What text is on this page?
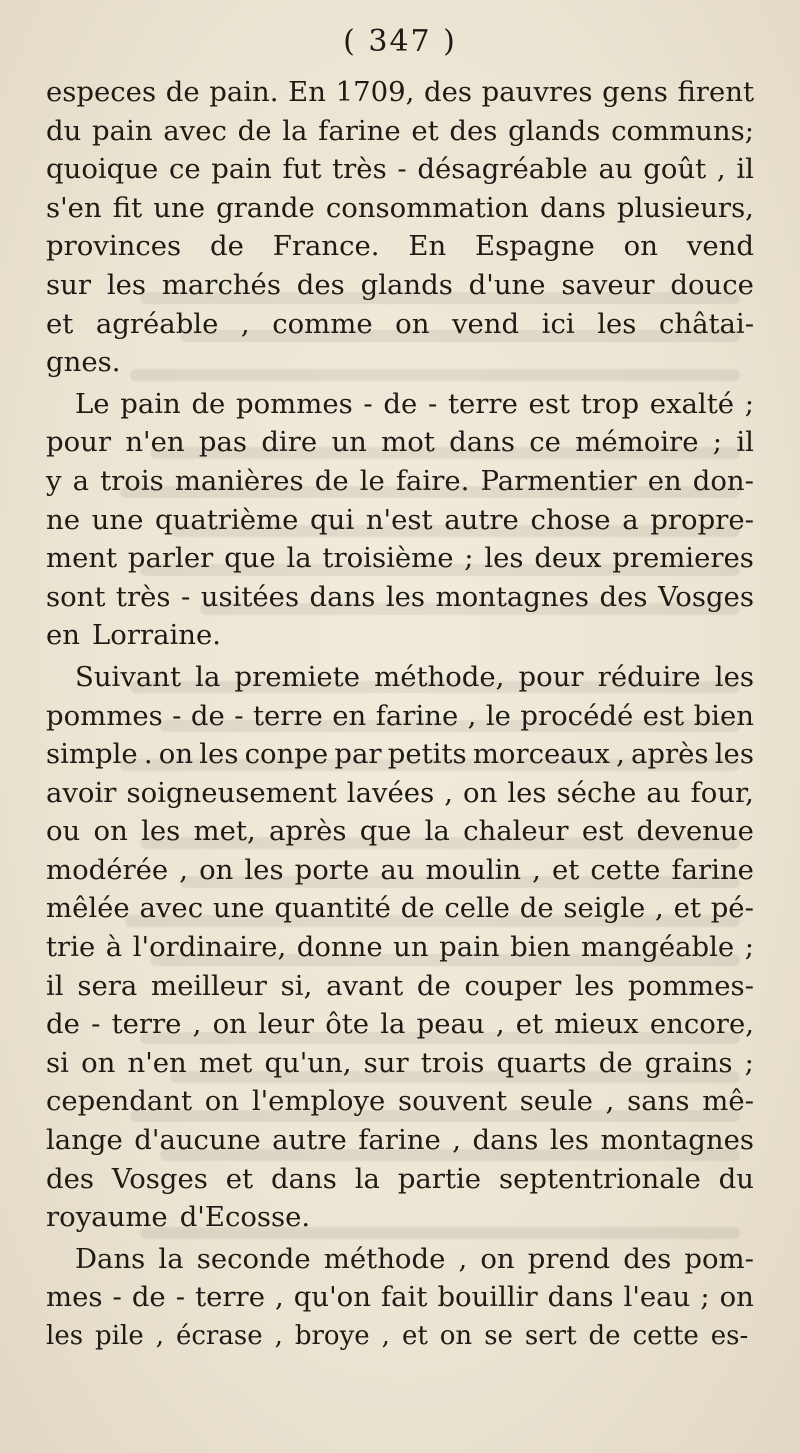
( 347 )
especes de pain. En 1709, des pauvres gens firent
du pain avec de la farine et des glands communs;
quoique ce pain fut très - désagréable au goût , il
s'en fit une grande consommation dans plusieurs,
provinces de France. En Espagne on vend
sur les marchés des glands d'une saveur douce
et agréable , comme on vend ici les châtai-
gnes.
Le pain de pommes - de - terre est trop exalté ;
pour n'en pas dire un mot dans ce mémoire ; il
y a trois manières de le faire. Parmentier en don-
ne une quatrième qui n'est autre chose a propre-
ment parler que la troisième ; les deux premieres
sont très - usitées dans les montagnes des Vosges
en Lorraine.
Suivant la premiete méthode, pour réduire les
pommes - de - terre en farine , le procédé est bien
simple . on les conpe par petits morceaux , après les
avoir soigneusement lavées , on les séche au four,
ou on les met, après que la chaleur est devenue
modérée , on les porte au moulin , et cette farine
mêlée avec une quantité de celle de seigle , et pé-
trie à l'ordinaire, donne un pain bien mangéable ;
il sera meilleur si, avant de couper les pommes-
de - terre , on leur ôte la peau , et mieux encore,
si on n'en met qu'un, sur trois quarts de grains ;
cependant on l'employe souvent seule , sans mê-
lange d'aucune autre farine , dans les montagnes
des Vosges et dans la partie septentrionale du
royaume d'Ecosse.
Dans la seconde méthode , on prend des pom-
mes - de - terre , qu'on fait bouillir dans l'eau ; on
les pile , écrase , broye , et on se sert de cette es-
